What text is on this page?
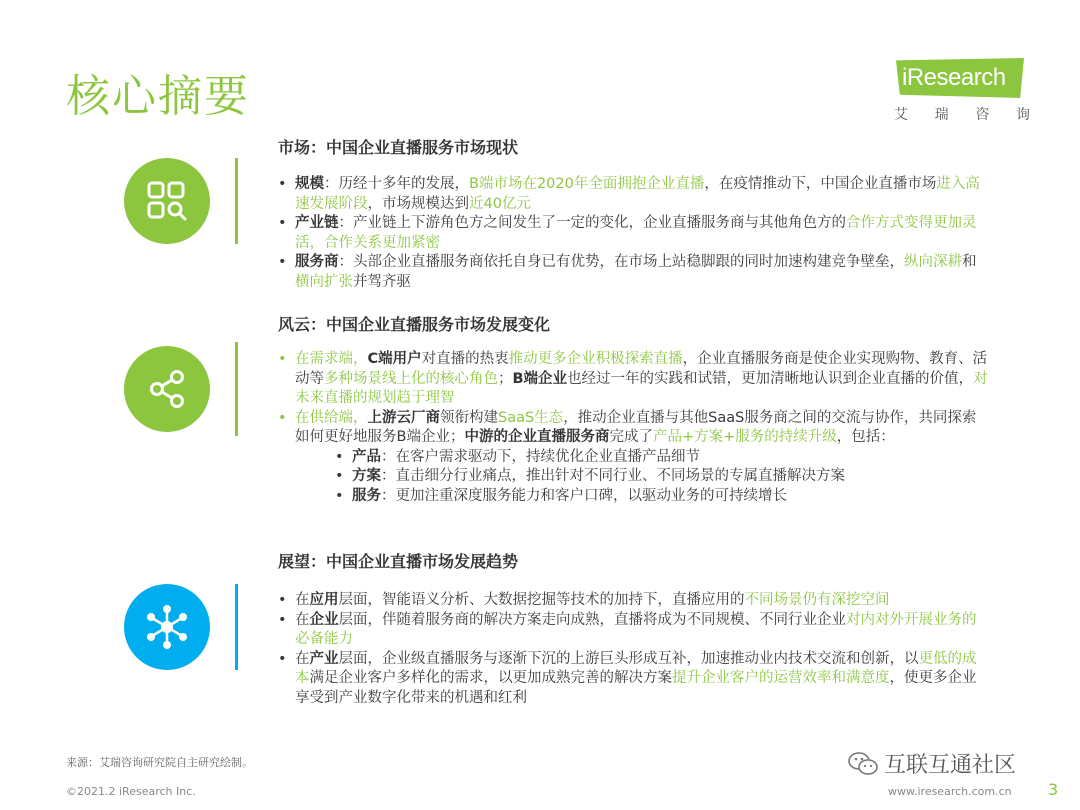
核心摘要	iResearch
艾 瑞 咨 询
市场：中国企业直播服务市场现状
• 规模：历经十多年的发展，B端市场在2020年全面拥抱企业直播，在疫情推动下，中国企业直播市场进入高速发展阶段，市场规模达到近40亿元
• 产业链：产业链上下游角色方之间发生了一定的变化，企业直播服务商与其他角色方的合作方式变得更加灵活，合作关系更加紧密
• 服务商：头部企业直播服务商依托自身已有优势，在市场上站稳脚跟的同时加速构建竞争壁垒，纵向深耕和横向扩张并驾齐驱
风云：中国企业直播服务市场发展变化
• 在需求端，C端用户对直播的热衷推动更多企业积极探索直播，企业直播服务商是使企业实现购物、教育、活动等多种场景线上化的核心角色；B端企业也经过一年的实践和试错，更加清晰地认识到企业直播的价值，对未来直播的规划趋于理智
• 在供给端，上游云厂商领衔构建SaaS生态，推动企业直播与其他SaaS服务商之间的交流与协作，共同探索如何更好地服务B端企业；中游的企业直播服务商完成了产品+方案+服务的持续升级，包括：
• 产品：在客户需求驱动下，持续优化企业直播产品细节
• 方案：直击细分行业痛点，推出针对不同行业、不同场景的专属直播解决方案
• 服务：更加注重深度服务能力和客户口碑，以驱动业务的可持续增长
展望：中国企业直播市场发展趋势
• 在应用层面，智能语义分析、大数据挖掘等技术的加持下，直播应用的不同场景仍有深挖空间
• 在企业层面，伴随着服务商的解决方案走向成熟，直播将成为不同规模、不同行业企业对内对外开展业务的必备能力
• 在产业层面，企业级直播服务与逐渐下沉的上游巨头形成互补，加速推动业内技术交流和创新，以更低的成本满足企业客户多样化的需求，以更加成熟完善的解决方案提升企业客户的运营效率和满意度，使更多企业享受到产业数字化带来的机遇和红利
来源：艾瑞咨询研究院自主研究绘制。
©2021.2 iResearch Inc.	www.iresearch.com.cn 3
互联互通社区
